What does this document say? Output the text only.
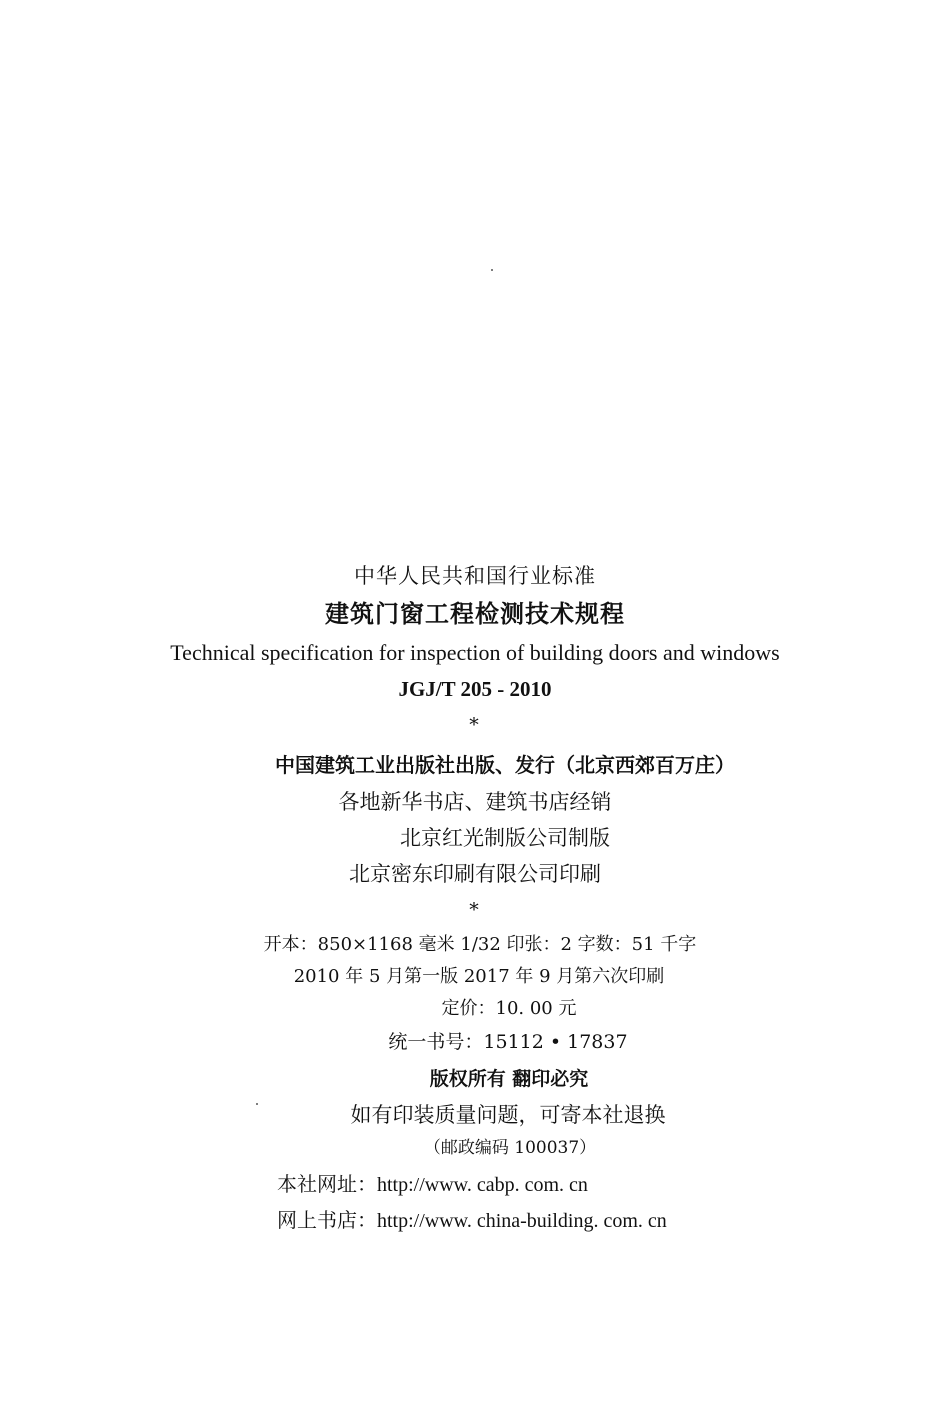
中华人民共和国行业标准
建筑门窗工程检测技术规程
Technical specification for inspection of building doors and windows
JGJ/T 205 - 2010
*
中国建筑工业出版社出版、发行（北京西郊百万庄）
各地新华书店、建筑书店经销
北京红光制版公司制版
北京密东印刷有限公司印刷
*
开本：850×1168 毫米 1/32 印张：2 字数：51 千字
2010 年 5 月第一版 2017 年 9 月第六次印刷
定价：10. 00 元
统一书号：15112 • 17837
版权所有 翻印必究
如有印装质量问题，可寄本社退换
（邮政编码 100037）
本社网址：http://www. cabp. com. cn
网上书店：http://www. china-building. com. cn
